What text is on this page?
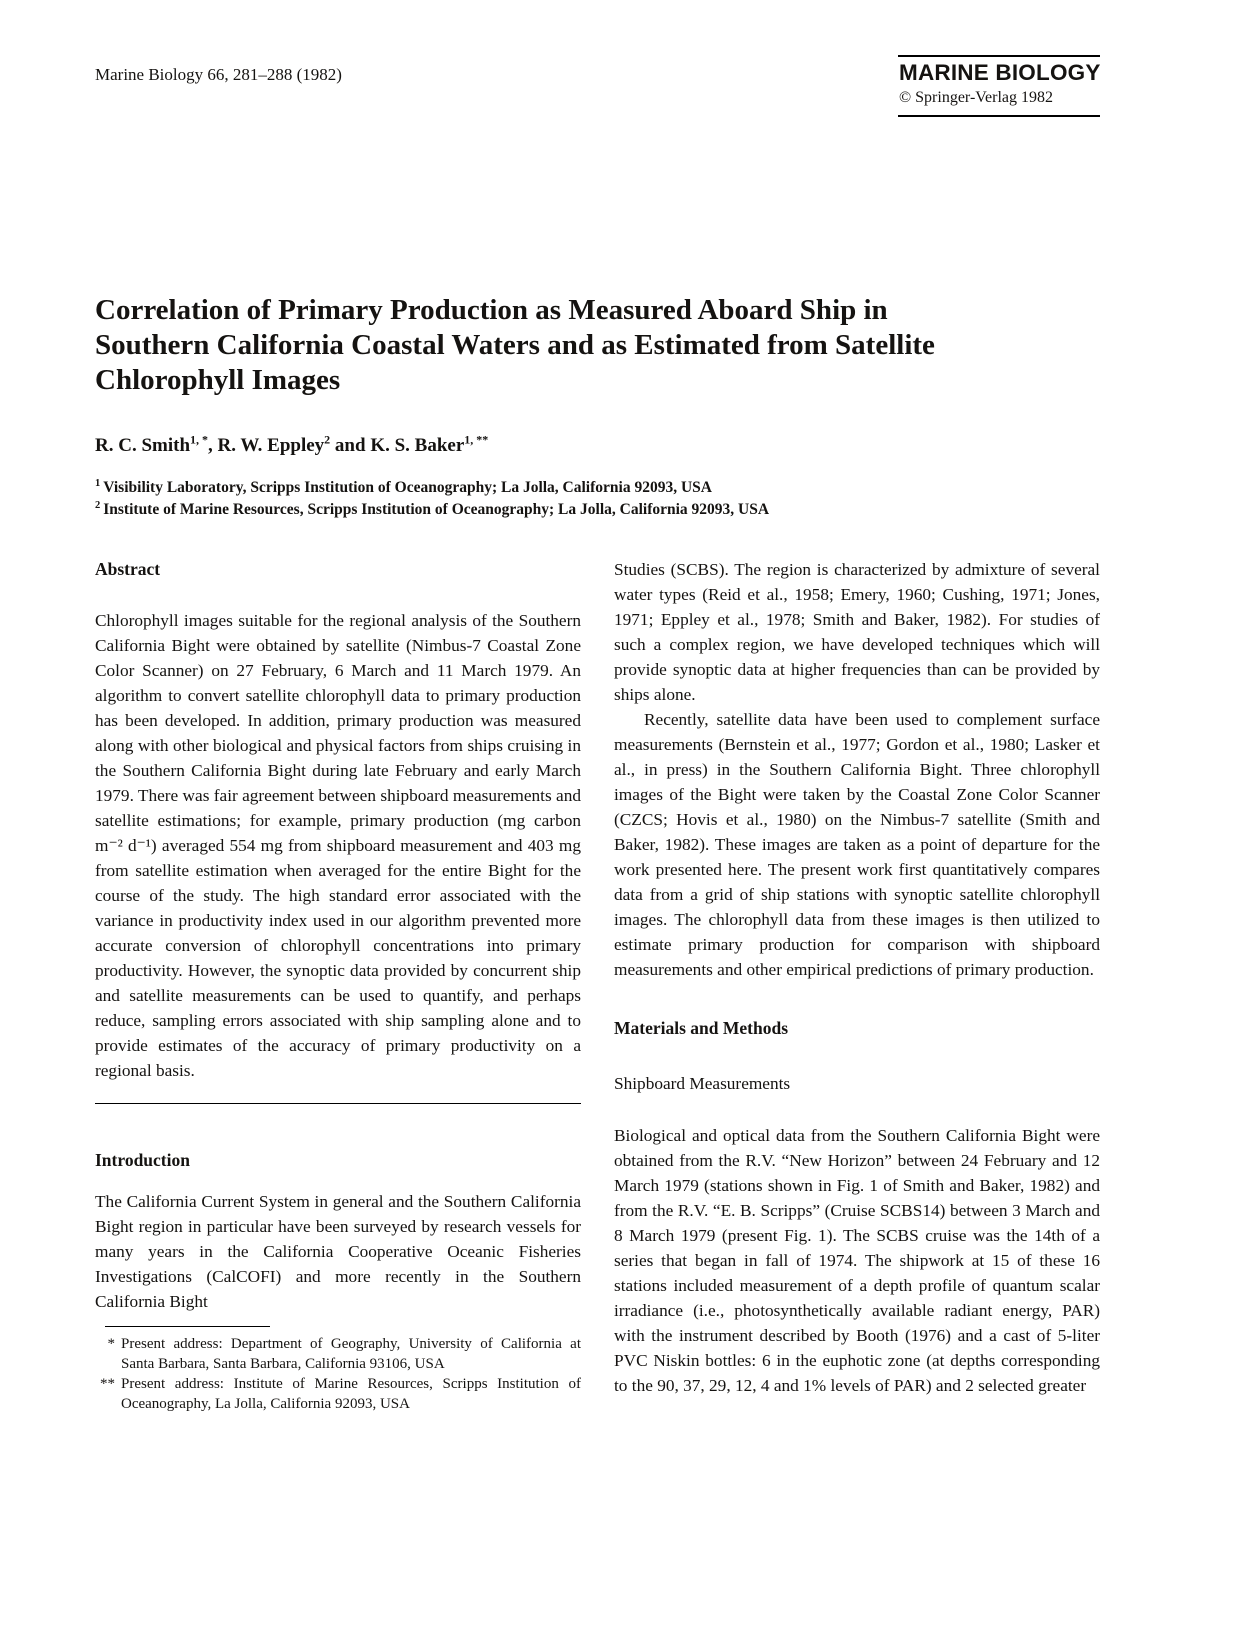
Marine Biology 66, 281–288 (1982)	MARINE BIOLOGY
© Springer-Verlag 1982
Correlation of Primary Production as Measured Aboard Ship in Southern California Coastal Waters and as Estimated from Satellite Chlorophyll Images
R. C. Smith$^{1, *}$, R. W. Eppley$^2$ and K. S. Baker$^{1, **}$
$^1$ Visibility Laboratory, Scripps Institution of Oceanography; La Jolla, California 92093, USA
$^2$ Institute of Marine Resources, Scripps Institution of Oceanography; La Jolla, California 92093, USA
Abstract

Chlorophyll images suitable for the regional analysis of the Southern California Bight were obtained by satellite (Nimbus-7 Coastal Zone Color Scanner) on 27 February, 6 March and 11 March 1979. An algorithm to convert satellite chlorophyll data to primary production has been developed. In addition, primary production was measured along with other biological and physical factors from ships cruising in the Southern California Bight during late February and early March 1979. There was fair agreement between shipboard measurements and satellite estimations; for example, primary production (mg carbon m⁻² d⁻¹) averaged 554 mg from shipboard measurement and 403 mg from satellite estimation when averaged for the entire Bight for the course of the study. The high standard error associated with the variance in productivity index used in our algorithm prevented more accurate conversion of chlorophyll concentrations into primary productivity. However, the synoptic data provided by concurrent ship and satellite measurements can be used to quantify, and perhaps reduce, sampling errors associated with ship sampling alone and to provide estimates of the accuracy of primary productivity on a regional basis.

Introduction

The California Current System in general and the Southern California Bight region in particular have been surveyed by research vessels for many years in the California Cooperative Oceanic Fisheries Investigations (CalCOFI) and more recently in the Southern California Bight

* Present address: Department of Geography, University of California at Santa Barbara, Santa Barbara, California 93106, USA
** Present address: Institute of Marine Resources, Scripps Institution of Oceanography, La Jolla, California 92093, USA

Studies (SCBS). The region is characterized by admixture of several water types (Reid et al., 1958; Emery, 1960; Cushing, 1971; Jones, 1971; Eppley et al., 1978; Smith and Baker, 1982). For studies of such a complex region, we have developed techniques which will provide synoptic data at higher frequencies than can be provided by ships alone.

Recently, satellite data have been used to complement surface measurements (Bernstein et al., 1977; Gordon et al., 1980; Lasker et al., in press) in the Southern California Bight. Three chlorophyll images of the Bight were taken by the Coastal Zone Color Scanner (CZCS; Hovis et al., 1980) on the Nimbus-7 satellite (Smith and Baker, 1982). These images are taken as a point of departure for the work presented here. The present work first quantitatively compares data from a grid of ship stations with synoptic satellite chlorophyll images. The chlorophyll data from these images is then utilized to estimate primary production for comparison with shipboard measurements and other empirical predictions of primary production.

Materials and Methods
Shipboard Measurements

Biological and optical data from the Southern California Bight were obtained from the R.V. “New Horizon” between 24 February and 12 March 1979 (stations shown in Fig. 1 of Smith and Baker, 1982) and from the R.V. “E. B. Scripps” (Cruise SCBS14) between 3 March and 8 March 1979 (present Fig. 1). The SCBS cruise was the 14th of a series that began in fall of 1974. The shipwork at 15 of these 16 stations included measurement of a depth profile of quantum scalar irradiance (i.e., photosynthetically available radiant energy, PAR) with the instrument described by Booth (1976) and a cast of 5-liter PVC Niskin bottles: 6 in the euphotic zone (at depths corresponding to the 90, 37, 29, 12, 4 and 1% levels of PAR) and 2 selected greater
